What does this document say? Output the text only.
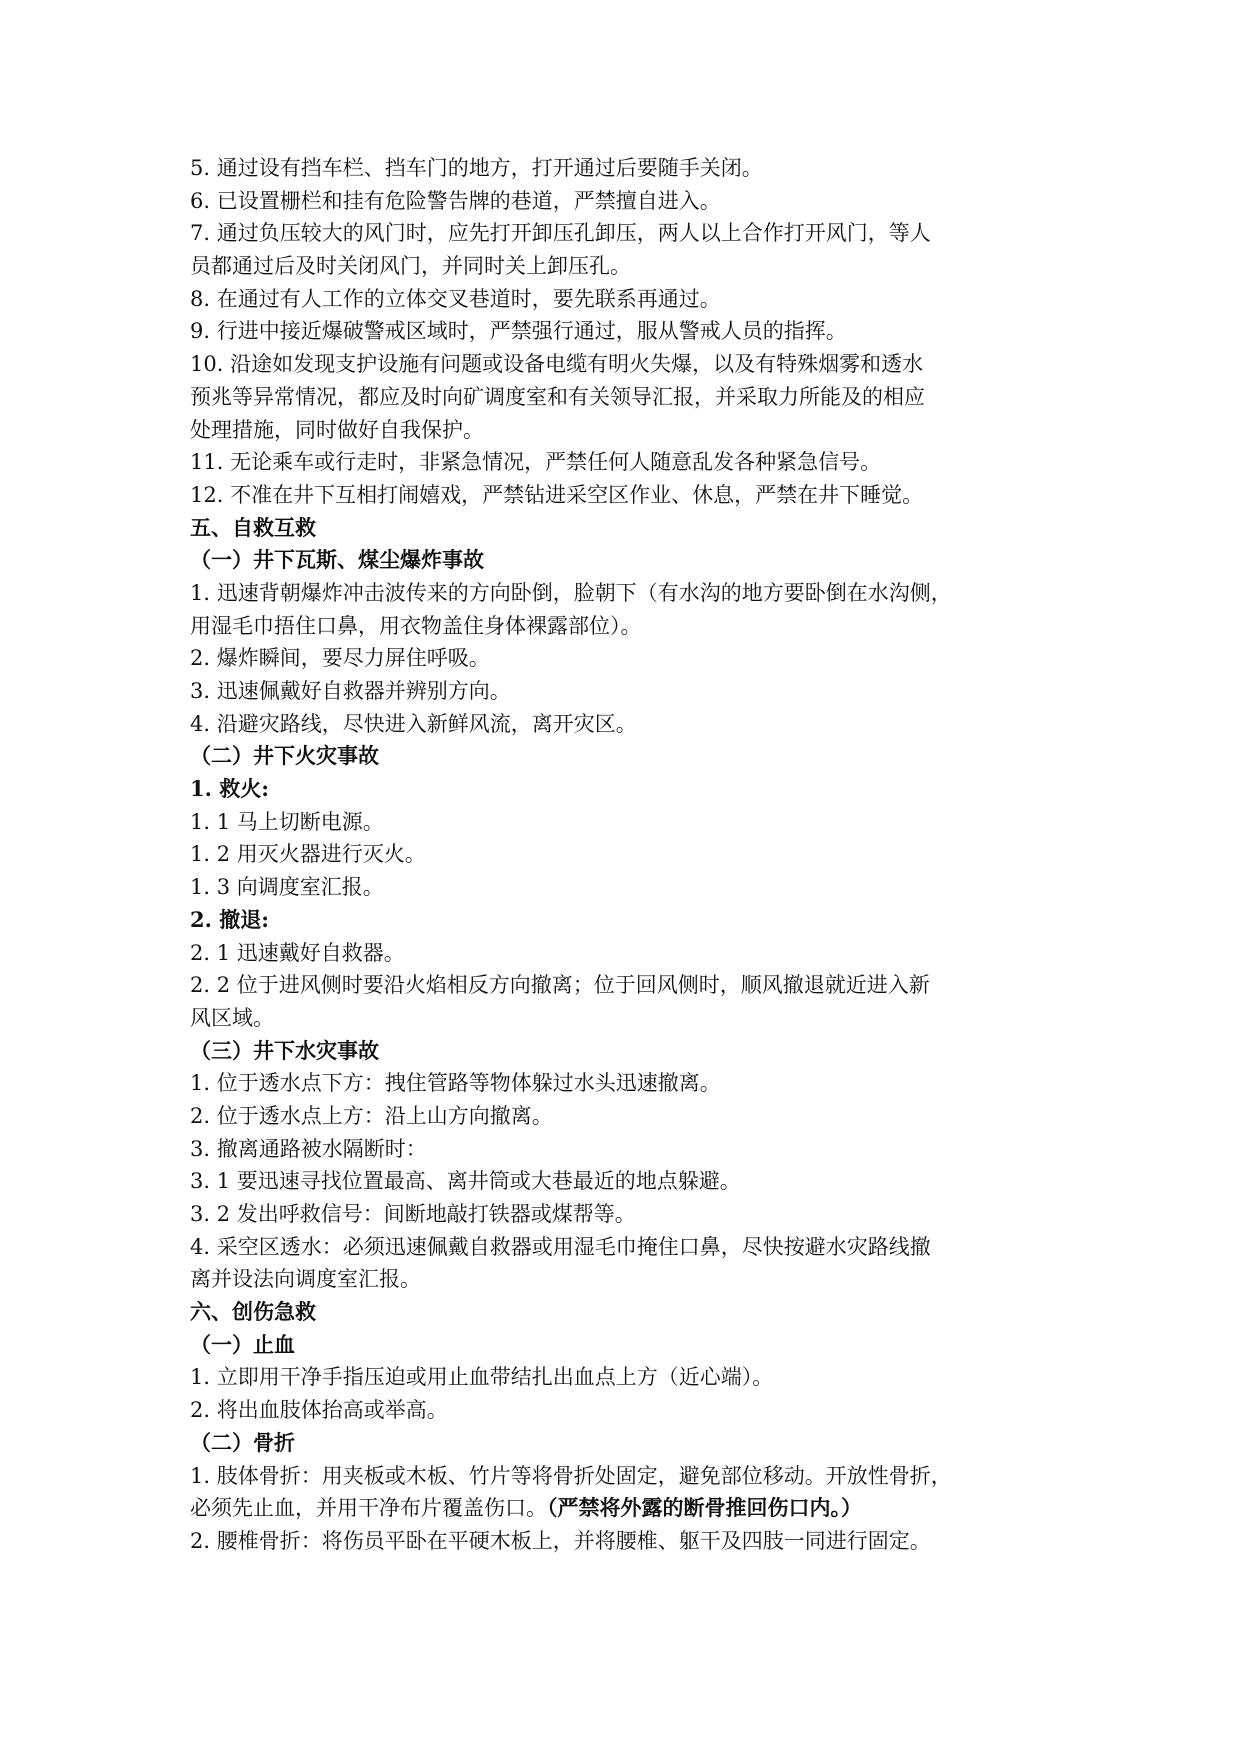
5. 通过设有挡车栏、挡车门的地方，打开通过后要随手关闭。
6. 已设置栅栏和挂有危险警告牌的巷道，严禁擅自进入。
7. 通过负压较大的风门时，应先打开卸压孔卸压，两人以上合作打开风门，等人
员都通过后及时关闭风门，并同时关上卸压孔。
8. 在通过有人工作的立体交叉巷道时，要先联系再通过。
9. 行进中接近爆破警戒区域时，严禁强行通过，服从警戒人员的指挥。
10. 沿途如发现支护设施有问题或设备电缆有明火失爆，以及有特殊烟雾和透水
预兆等异常情况，都应及时向矿调度室和有关领导汇报，并采取力所能及的相应
处理措施，同时做好自我保护。
11. 无论乘车或行走时，非紧急情况，严禁任何人随意乱发各种紧急信号。
12. 不准在井下互相打闹嬉戏，严禁钻进采空区作业、休息，严禁在井下睡觉。
五、自救互救
（一）井下瓦斯、煤尘爆炸事故
1. 迅速背朝爆炸冲击波传来的方向卧倒，脸朝下（有水沟的地方要卧倒在水沟侧，
用湿毛巾捂住口鼻，用衣物盖住身体裸露部位）。
2. 爆炸瞬间，要尽力屏住呼吸。
3. 迅速佩戴好自救器并辨别方向。
4. 沿避灾路线，尽快进入新鲜风流，离开灾区。
（二）井下火灾事故
1. 救火:
1. 1 马上切断电源。
1. 2 用灭火器进行灭火。
1. 3 向调度室汇报。
2. 撤退:
2. 1 迅速戴好自救器。
2. 2 位于进风侧时要沿火焰相反方向撤离；位于回风侧时，顺风撤退就近进入新
风区域。
（三）井下水灾事故
1. 位于透水点下方：拽住管路等物体躲过水头迅速撤离。
2. 位于透水点上方：沿上山方向撤离。
3. 撤离通路被水隔断时：
3. 1 要迅速寻找位置最高、离井筒或大巷最近的地点躲避。
3. 2 发出呼救信号：间断地敲打铁器或煤帮等。
4. 采空区透水：必须迅速佩戴自救器或用湿毛巾掩住口鼻，尽快按避水灾路线撤
离并设法向调度室汇报。
六、创伤急救
（一）止血
1. 立即用干净手指压迫或用止血带结扎出血点上方（近心端）。
2. 将出血肢体抬高或举高。
（二）骨折
1. 肢体骨折：用夹板或木板、竹片等将骨折处固定，避免部位移动。开放性骨折，
必须先止血，并用干净布片覆盖伤口。（严禁将外露的断骨推回伤口内。）
2. 腰椎骨折：将伤员平卧在平硬木板上，并将腰椎、躯干及四肢一同进行固定。
